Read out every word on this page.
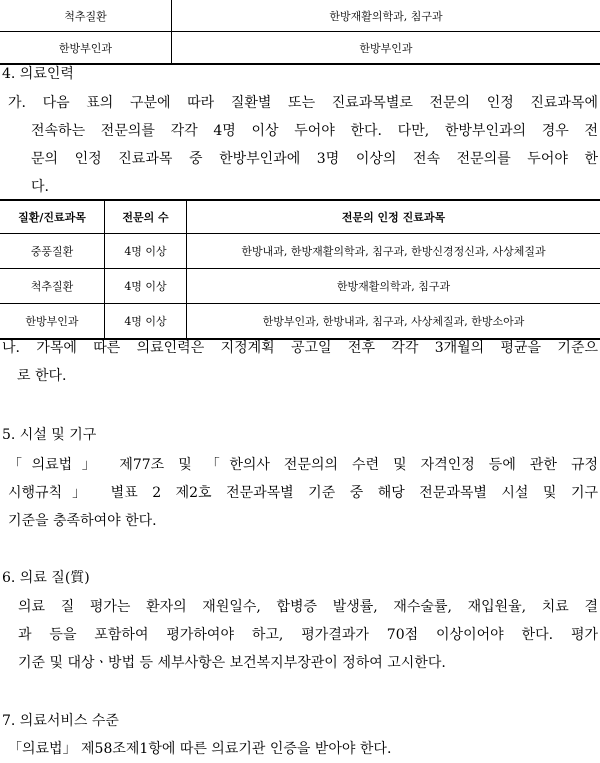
척추질환	한방재활의학과, 침구과
한방부인과	한방부인과

4. 의료인력

가. 다음 표의 구분에 따라 질환별 또는 진료과목별로 전문의 인정 진료과목에

전속하는 전문의를 각각 4명 이상 두어야 한다. 다만, 한방부인과의 경우 전

문의 인정 진료과목 중 한방부인과에 3명 이상의 전속 전문의를 두어야 한

다.

질환/진료과목	전문의 수	전문의 인정 진료과목
중풍질환	4명 이상	한방내과, 한방재활의학과, 침구과, 한방신경정신과, 사상체질과
척추질환	4명 이상	한방재활의학과, 침구과
한방부인과	4명 이상	한방부인과, 한방내과, 침구과, 사상체질과, 한방소아과

나. 가목에 따른 의료인력은 지정계획 공고일 전후 각각 3개월의 평균을 기준으

로 한다.

5. 시설 및 기구

「의료법」 제77조 및 「한의사 전문의의 수련 및 자격인정 등에 관한 규정

시행규칙」 별표 2 제2호 전문과목별 기준 중 해당 전문과목별 시설 및 기구

기준을 충족하여야 한다.

6. 의료 질(質)

의료 질 평가는 환자의 재원일수, 합병증 발생률, 재수술률, 재입원율, 치료 결

과 등을 포함하여 평가하여야 하고, 평가결과가 70점 이상이어야 한다. 평가

기준 및 대상ㆍ방법 등 세부사항은 보건복지부장관이 정하여 고시한다.

7. 의료서비스 수준

「의료법」 제58조제1항에 따른 의료기관 인증을 받아야 한다.
